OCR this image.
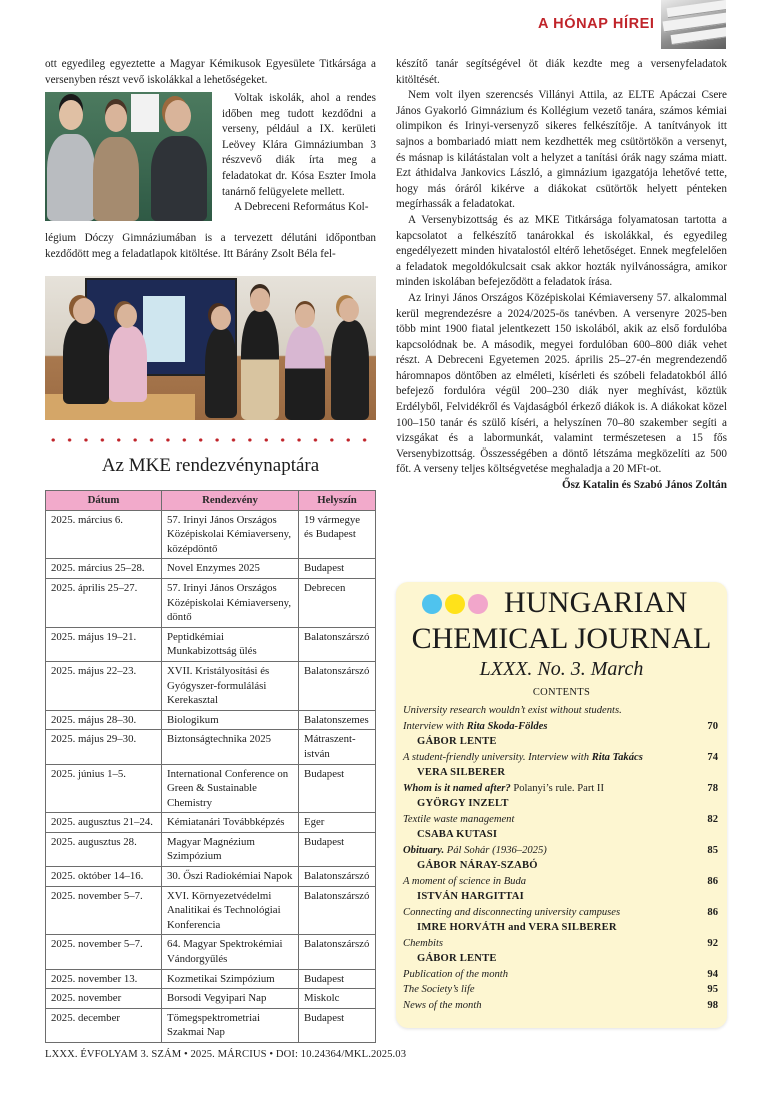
A HÓNAP HÍREI

ott egyedileg egyeztette a Magyar Kémikusok Egyesülete Titkársága a versenyben részt vevő iskolákkal a lehetőségeket.

Voltak iskolák, ahol a rendes időben meg tudott kezdődni a verseny, például a IX. kerületi Leövey Klára Gimnáziumban 3 részvevő diák írta meg a feladatokat dr. Kósa Eszter Imola tanárnő felügyelete mellett.

A Debreceni Református Kol-

légium Dóczy Gimnáziumában is a tervezett délutáni időpontban kezdődött meg a feladatlapok kitöltése. Itt Bárány Zsolt Béla fel-

Az MKE rendezvénynaptára
Dátum	Rendezvény	Helyszín
2025. március 6.	57. Irinyi János Országos Középiskolai Kémiaverseny, középdöntő	19 vármegye és Budapest
2025. március 25–28.	Novel Enzymes 2025	Budapest
2025. április 25–27.	57. Irinyi János Országos Középiskolai Kémiaverseny, döntő	Debrecen
2025. május 19–21.	Peptidkémiai Munkabizottság ülés	Balatonszárszó
2025. május 22–23.	XVII. Kristályosítási és Gyógyszer-formulálási Kerekasztal	Balatonszárszó
2025. május 28–30.	Biologikum	Balatonszemes
2025. május 29–30.	Biztonságtechnika 2025	Mátraszent-istván
2025. június 1–5.	International Conference on Green & Sustainable Chemistry	Budapest
2025. augusztus 21–24.	Kémiatanári Továbbképzés	Eger
2025. augusztus 28.	Magyar Magnézium Szimpózium	Budapest
2025. október 14–16.	30. Őszi Radiokémiai Napok	Balatonszárszó
2025. november 5–7.	XVI. Környezetvédelmi Analitikai és Technológiai Konferencia	Balatonszárszó
2025. november 5–7.	64. Magyar Spektrokémiai Vándorgyűlés	Balatonszárszó
2025. november 13.	Kozmetikai Szimpózium	Budapest
2025. november	Borsodi Vegyipari Nap	Miskolc
2025. december	Tömegspektrometriai Szakmai Nap	Budapest

készítő tanár segítségével öt diák kezdte meg a versenyfeladatok kitöltését.

Nem volt ilyen szerencsés Villányi Attila, az ELTE Apáczai Csere János Gyakorló Gimnázium és Kollégium vezető tanára, számos kémiai olimpikon és Irinyi-versenyző sikeres felkészítője. A tanítványok itt sajnos a bombariadó miatt nem kezdhették meg csütörtökön a versenyt, és másnap is kilátástalan volt a helyzet a tanítási órák nagy száma miatt. Ezt áthidalva Jankovics László, a gimnázium igazgatója lehetővé tette, hogy más óráról kikérve a diákokat csütörtök helyett pénteken megírhassák a feladatokat.

A Versenybizottság és az MKE Titkársága folyamatosan tartotta a kapcsolatot a felkészítő tanárokkal és iskolákkal, és egyedileg engedélyezett minden hivatalostól eltérő lehetőséget. Ennek megfelelően a feladatok megoldókulcsait csak akkor hozták nyilvánosságra, amikor minden iskolában befejeződött a feladatok írása.

Az Irinyi János Országos Középiskolai Kémiaverseny 57. alkalommal kerül megrendezésre a 2024/2025-ös tanévben. A versenyre 2025-ben több mint 1900 fiatal jelentkezett 150 iskolából, akik az első fordulóba kapcsolódnak be. A második, megyei fordulóban 600–800 diák vehet részt. A Debreceni Egyetemen 2025. április 25–27-én megrendezendő háromnapos döntőben az elméleti, kísérleti és szóbeli feladatokból álló befejező fordulóra végül 200–230 diák nyer meghívást, köztük Erdélyből, Felvidékről és Vajdaságból érkező diákok is. A diákokat közel 100–150 tanár és szülő kíséri, a helyszínen 70–80 szakember segíti a vizsgákat és a labormunkát, valamint természetesen a 15 fős Versenybizottság. Összességében a döntő létszáma megközelíti az 500 főt. A verseny teljes költségvetése meghaladja a 20 MFt-ot.

Ősz Katalin és Szabó János Zoltán

HUNGARIAN
CHEMICAL JOURNAL
LXXX. No. 3. March
CONTENTS
University research wouldn’t exist without students.
Interview with Rita Skoda-Földes	70
GÁBOR LENTE
A student-friendly university. Interview with Rita Takács	74
VERA SILBERER
Whom is it named after? Polanyi’s rule. Part II	78
GYÖRGY INZELT
Textile waste management	82
CSABA KUTASI
Obituary. Pál Sohár (1936–2025)	85
GÁBOR NÁRAY-SZABÓ
A moment of science in Buda	86
ISTVÁN HARGITTAI
Connecting and disconnecting university campuses	86
IMRE HORVÁTH and VERA SILBERER
Chembits	92
GÁBOR LENTE
Publication of the month	94
The Society’s life	95
News of the month	98
LXXX. ÉVFOLYAM 3. SZÁM • 2025. MÁRCIUS • DOI: 10.24364/MKL.2025.03
